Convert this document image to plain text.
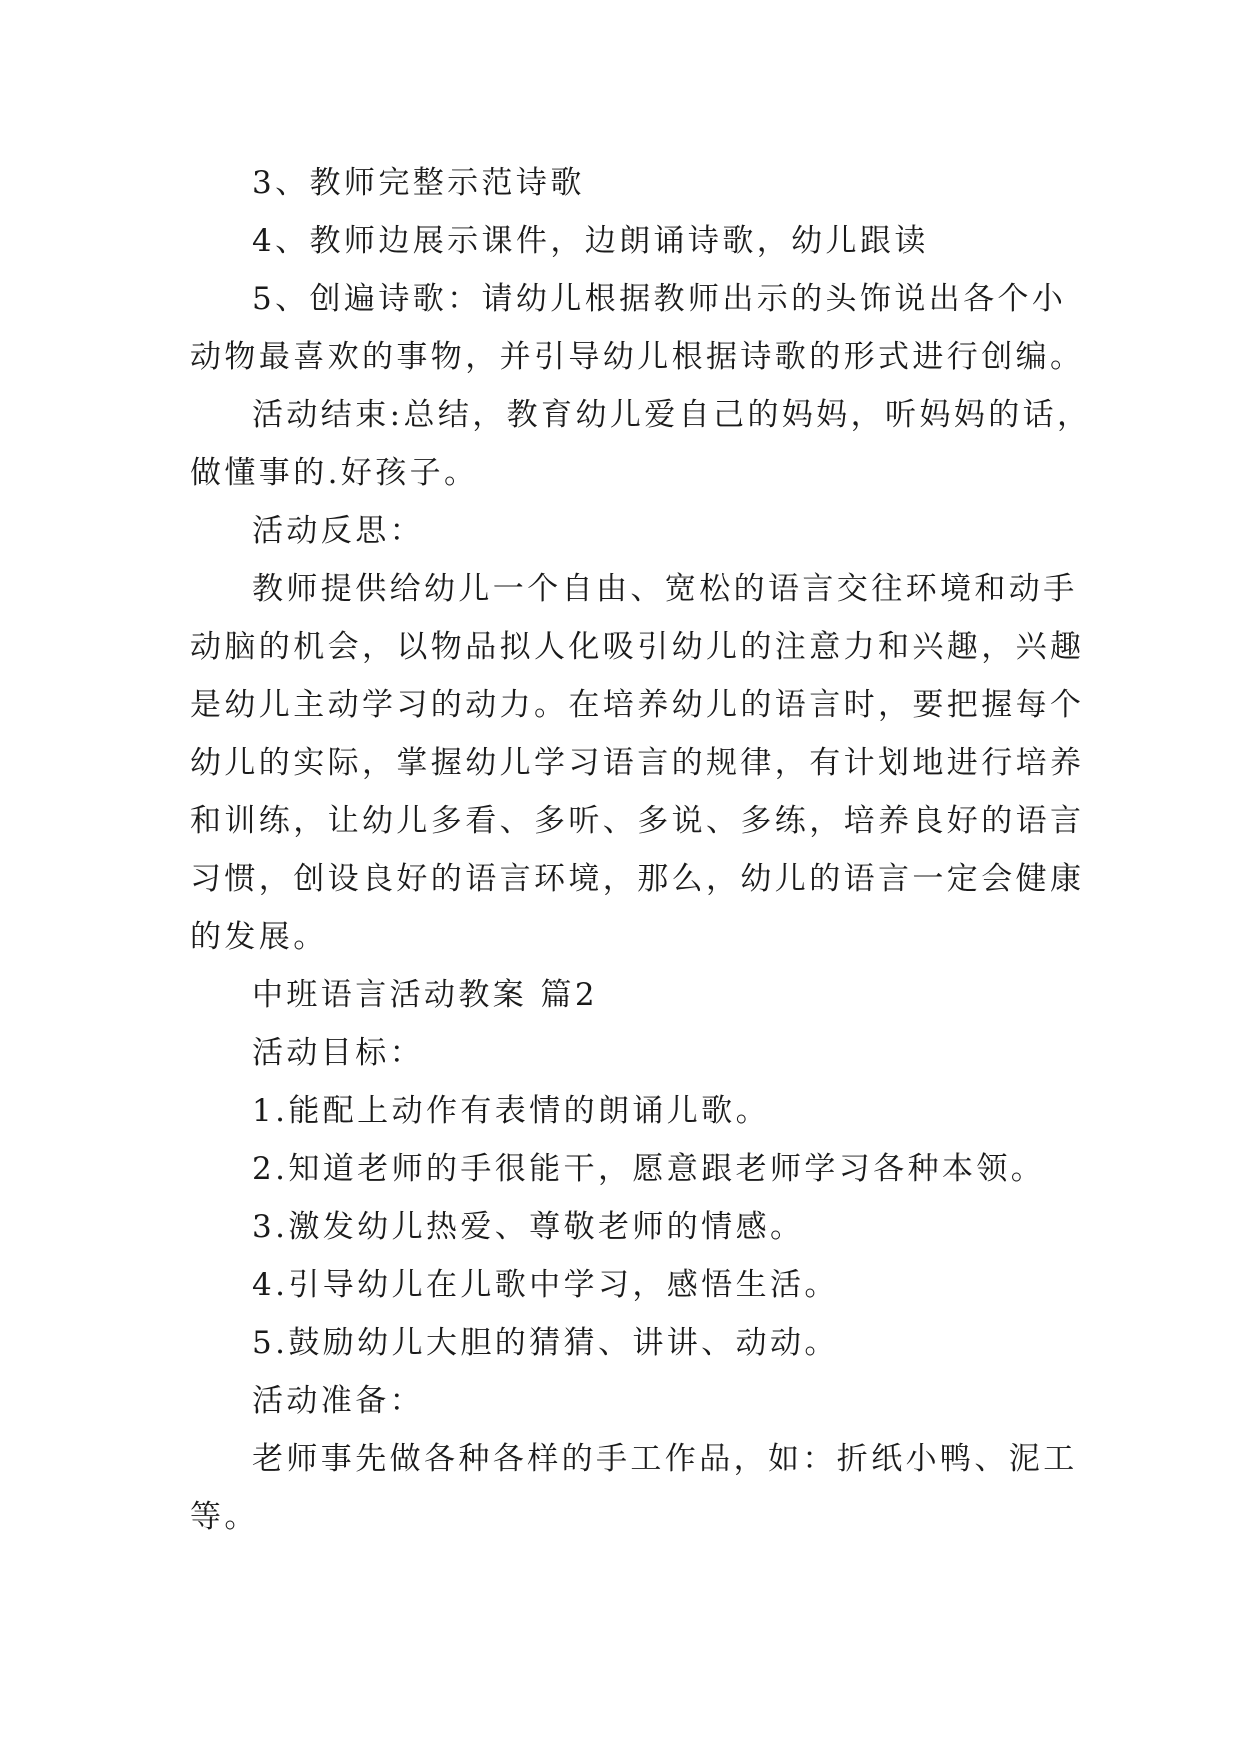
3、教师完整示范诗歌

4、教师边展示课件，边朗诵诗歌，幼儿跟读

5、创遍诗歌：请幼儿根据教师出示的头饰说出各个小

动物最喜欢的事物，并引导幼儿根据诗歌的形式进行创编。

活动结束:总结，教育幼儿爱自己的妈妈，听妈妈的话，

做懂事的.好孩子。

活动反思：

教师提供给幼儿一个自由、宽松的语言交往环境和动手

动脑的机会，以物品拟人化吸引幼儿的注意力和兴趣，兴趣

是幼儿主动学习的动力。在培养幼儿的语言时，要把握每个

幼儿的实际，掌握幼儿学习语言的规律，有计划地进行培养

和训练，让幼儿多看、多听、多说、多练，培养良好的语言

习惯，创设良好的语言环境，那么，幼儿的语言一定会健康

的发展。

中班语言活动教案 篇2

活动目标：

1.能配上动作有表情的朗诵儿歌。

2.知道老师的手很能干，愿意跟老师学习各种本领。

3.激发幼儿热爱、尊敬老师的情感。

4.引导幼儿在儿歌中学习，感悟生活。

5.鼓励幼儿大胆的猜猜、讲讲、动动。

活动准备：

老师事先做各种各样的手工作品，如：折纸小鸭、泥工

等。
